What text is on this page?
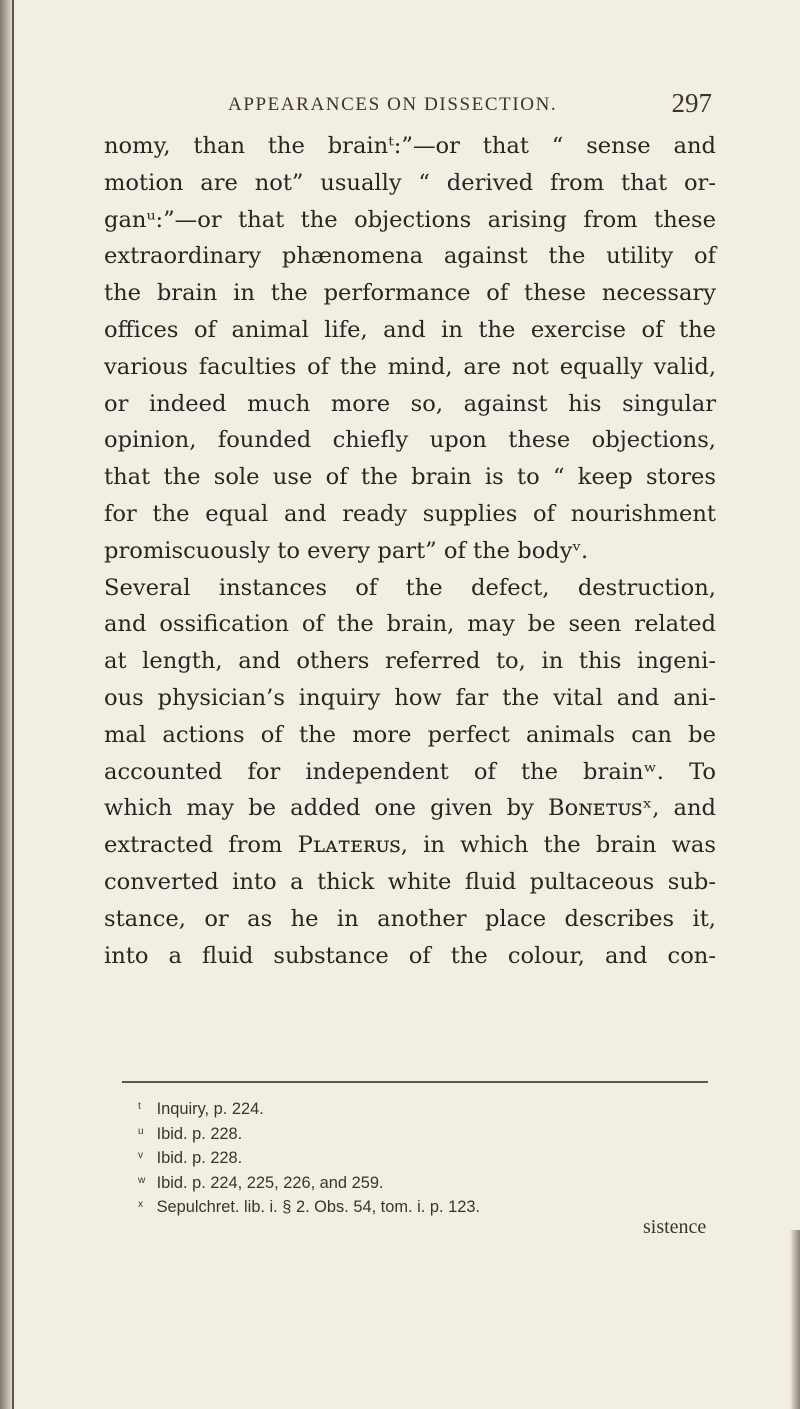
APPEARANCES ON DISSECTION.	297
nomy, than the brainᵗ:”—or that “ sense and
motion are not” usually “ derived from that or-
ganᵘ:”—or that the objections arising from these
extraordinary phænomena against the utility of
the brain in the performance of these necessary
offices of animal life, and in the exercise of the
various faculties of the mind, are not equally valid,
or indeed much more so, against his singular
opinion, founded chiefly upon these objections,
that the sole use of the brain is to “ keep stores
for the equal and ready supplies of nourishment
promiscuously to every part” of the bodyᵛ.
Several instances of the defect, destruction,
and ossification of the brain, may be seen related
at length, and others referred to, in this ingeni-
ous physician’s inquiry how far the vital and ani-
mal actions of the more perfect animals can be
accounted for independent of the brainʷ. To
which may be added one given by Bᴏɴᴇᴛᴜꜱˣ, and
extracted from Pʟᴀᴛᴇʀᴜꜱ, in which the brain was
converted into a thick white fluid pultaceous sub-
stance, or as he in another place describes it,
into a fluid substance of the colour, and con-
t Inquiry, p. 224.
u Ibid. p. 228.
v Ibid. p. 228.
w Ibid. p. 224, 225, 226, and 259.
x Sepulchret. lib. i. § 2. Obs. 54, tom. i. p. 123.
sistence
